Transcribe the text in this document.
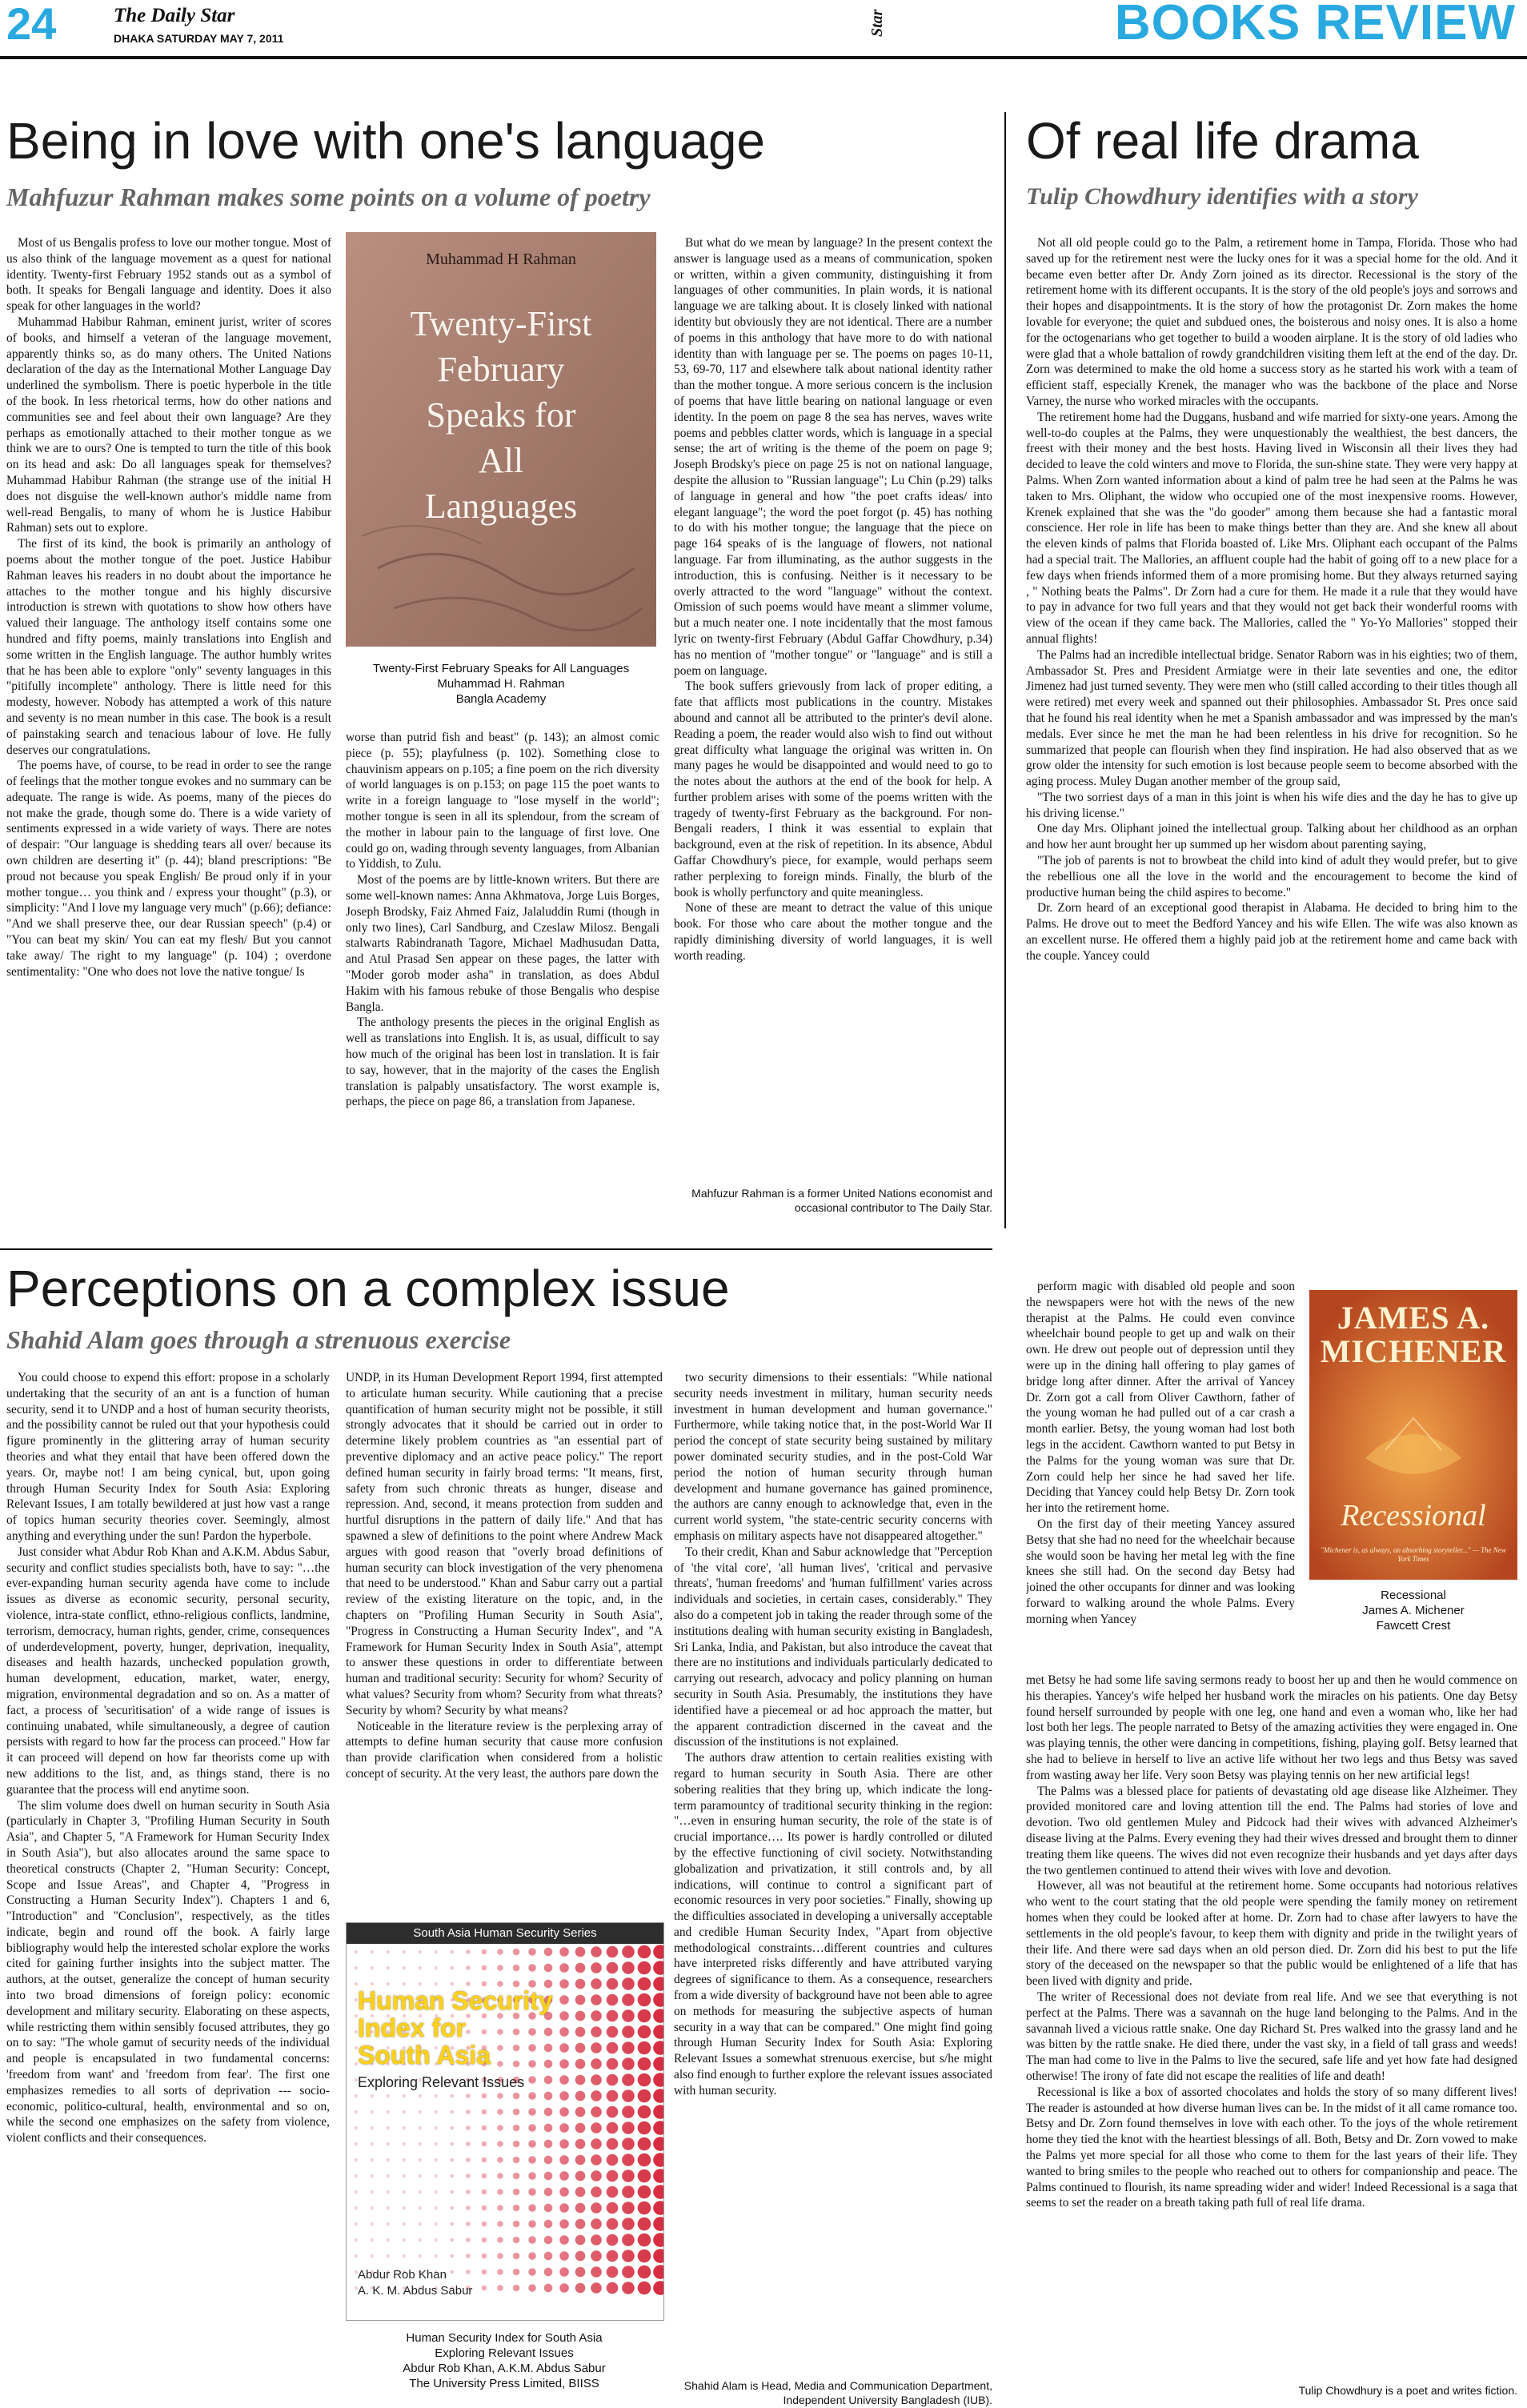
24	The Daily Star
DHAKA SATURDAY MAY 7, 2011
Star	BOOKS REVIEW
Being in love with one's language
Mahfuzur Rahman makes some points on a volume of poetry

Most of us Bengalis profess to love our mother tongue. Most of us also think of the language movement as a quest for national identity. Twenty-first February 1952 stands out as a symbol of both. It speaks for Bengali language and identity. Does it also speak for other languages in the world?

Muhammad Habibur Rahman, eminent jurist, writer of scores of books, and himself a veteran of the language movement, apparently thinks so, as do many others. The United Nations declaration of the day as the International Mother Language Day underlined the symbolism. There is poetic hyperbole in the title of the book. In less rhetorical terms, how do other nations and communities see and feel about their own language? Are they perhaps as emotionally attached to their mother tongue as we think we are to ours? One is tempted to turn the title of this book on its head and ask: Do all languages speak for themselves? Muhammad Habibur Rahman (the strange use of the initial H does not disguise the well-known author's middle name from well-read Bengalis, to many of whom he is Justice Habibur Rahman) sets out to explore.

The first of its kind, the book is primarily an anthology of poems about the mother tongue of the poet. Justice Habibur Rahman leaves his readers in no doubt about the importance he attaches to the mother tongue and his highly discursive introduction is strewn with quotations to show how others have valued their language. The anthology itself contains some one hundred and fifty poems, mainly translations into English and some written in the English language. The author humbly writes that he has been able to explore "only" seventy languages in this "pitifully incomplete" anthology. There is little need for this modesty, however. Nobody has attempted a work of this nature and seventy is no mean number in this case. The book is a result of painstaking search and tenacious labour of love. He fully deserves our congratulations.

The poems have, of course, to be read in order to see the range of feelings that the mother tongue evokes and no summary can be adequate. The range is wide. As poems, many of the pieces do not make the grade, though some do. There is a wide variety of sentiments expressed in a wide variety of ways. There are notes of despair: "Our language is shedding tears all over/ because its own children are deserting it" (p. 44); bland prescriptions: "Be proud not because you speak English/ Be proud only if in your mother tongue… you think and / express your thought" (p.3), or simplicity: "And I love my language very much" (p.66); defiance: "And we shall preserve thee, our dear Russian speech" (p.4) or "You can beat my skin/ You can eat my flesh/ But you cannot take away/ The right to my language" (p. 104) ; overdone sentimentality: "One who does not love the native tongue/ Is

Muhammad H Rahman
Twenty-First
February
Speaks for
All
Languages
Twenty-First February Speaks for All Languages
Muhammad H. Rahman
Bangla Academy

worse than putrid fish and beast" (p. 143); an almost comic piece (p. 55); playfulness (p. 102). Something close to chauvinism appears on p.105; a fine poem on the rich diversity of world languages is on p.153; on page 115 the poet wants to write in a foreign language to "lose myself in the world"; mother tongue is seen in all its splendour, from the scream of the mother in labour pain to the language of first love. One could go on, wading through seventy languages, from Albanian to Yiddish, to Zulu.

Most of the poems are by little-known writers. But there are some well-known names: Anna Akhmatova, Jorge Luis Borges, Joseph Brodsky, Faiz Ahmed Faiz, Jalaluddin Rumi (though in only two lines), Carl Sandburg, and Czeslaw Milosz. Bengali stalwarts Rabindranath Tagore, Michael Madhusudan Datta, and Atul Prasad Sen appear on these pages, the latter with "Moder gorob moder asha" in translation, as does Abdul Hakim with his famous rebuke of those Bengalis who despise Bangla.

The anthology presents the pieces in the original English as well as translations into English. It is, as usual, difficult to say how much of the original has been lost in translation. It is fair to say, however, that in the majority of the cases the English translation is palpably unsatisfactory. The worst example is, perhaps, the piece on page 86, a translation from Japanese.

But what do we mean by language? In the present context the answer is language used as a means of communication, spoken or written, within a given community, distinguishing it from languages of other communities. In plain words, it is national language we are talking about. It is closely linked with national identity but obviously they are not identical. There are a number of poems in this anthology that have more to do with national identity than with language per se. The poems on pages 10-11, 53, 69-70, 117 and elsewhere talk about national identity rather than the mother tongue. A more serious concern is the inclusion of poems that have little bearing on national language or even identity. In the poem on page 8 the sea has nerves, waves write poems and pebbles clatter words, which is language in a special sense; the art of writing is the theme of the poem on page 9; Joseph Brodsky's piece on page 25 is not on national language, despite the allusion to "Russian language"; Lu Chin (p.29) talks of language in general and how "the poet crafts ideas/ into elegant language"; the word the poet forgot (p. 45) has nothing to do with his mother tongue; the language that the piece on page 164 speaks of is the language of flowers, not national language. Far from illuminating, as the author suggests in the introduction, this is confusing. Neither is it necessary to be overly attracted to the word "language" without the context. Omission of such poems would have meant a slimmer volume, but a much neater one. I note incidentally that the most famous lyric on twenty-first February (Abdul Gaffar Chowdhury, p.34) has no mention of "mother tongue" or "language" and is still a poem on language.

The book suffers grievously from lack of proper editing, a fate that afflicts most publications in the country. Mistakes abound and cannot all be attributed to the printer's devil alone. Reading a poem, the reader would also wish to find out without great difficulty what language the original was written in. On many pages he would be disappointed and would need to go to the notes about the authors at the end of the book for help. A further problem arises with some of the poems written with the tragedy of twenty-first February as the background. For non-Bengali readers, I think it was essential to explain that background, even at the risk of repetition. In its absence, Abdul Gaffar Chowdhury's piece, for example, would perhaps seem rather perplexing to foreign minds. Finally, the blurb of the book is wholly perfunctory and quite meaningless.

None of these are meant to detract the value of this unique book. For those who care about the mother tongue and the rapidly diminishing diversity of world languages, it is well worth reading.

Mahfuzur Rahman is a former United Nations economist and occasional contributor to The Daily Star.
Of real life drama
Tulip Chowdhury identifies with a story

Not all old people could go to the Palm, a retirement home in Tampa, Florida. Those who had saved up for the retirement nest were the lucky ones for it was a special home for the old. And it became even better after Dr. Andy Zorn joined as its director. Recessional is the story of the retirement home with its different occupants. It is the story of the old people's joys and sorrows and their hopes and disappointments. It is the story of how the protagonist Dr. Zorn makes the home lovable for everyone; the quiet and subdued ones, the boisterous and noisy ones. It is also a home for the octogenarians who get together to build a wooden airplane. It is the story of old ladies who were glad that a whole battalion of rowdy grandchildren visiting them left at the end of the day. Dr. Zorn was determined to make the old home a success story as he started his work with a team of efficient staff, especially Krenek, the manager who was the backbone of the place and Norse Varney, the nurse who worked miracles with the occupants.

The retirement home had the Duggans, husband and wife married for sixty-one years. Among the well-to-do couples at the Palms, they were unquestionably the wealthiest, the best dancers, the freest with their money and the best hosts. Having lived in Wisconsin all their lives they had decided to leave the cold winters and move to Florida, the sun-shine state. They were very happy at Palms. When Zorn wanted information about a kind of palm tree he had seen at the Palms he was taken to Mrs. Oliphant, the widow who occupied one of the most inexpensive rooms. However, Krenek explained that she was the "do gooder" among them because she had a fantastic moral conscience. Her role in life has been to make things better than they are. And she knew all about the eleven kinds of palms that Florida boasted of. Like Mrs. Oliphant each occupant of the Palms had a special trait. The Mallories, an affluent couple had the habit of going off to a new place for a few days when friends informed them of a more promising home. But they always returned saying , " Nothing beats the Palms". Dr Zorn had a cure for them. He made it a rule that they would have to pay in advance for two full years and that they would not get back their wonderful rooms with view of the ocean if they came back. The Mallories, called the " Yo-Yo Mallories" stopped their annual flights!

The Palms had an incredible intellectual bridge. Senator Raborn was in his eighties; two of them, Ambassador St. Pres and President Armiatge were in their late seventies and one, the editor Jimenez had just turned seventy. They were men who (still called according to their titles though all were retired) met every week and spanned out their philosophies. Ambassador St. Pres once said that he found his real identity when he met a Spanish ambassador and was impressed by the man's medals. Ever since he met the man he had been relentless in his drive for recognition. So he summarized that people can flourish when they find inspiration. He had also observed that as we grow older the intensity for such emotion is lost because people seem to become absorbed with the aging process. Muley Dugan another member of the group said,

"The two sorriest days of a man in this joint is when his wife dies and the day he has to give up his driving license."

One day Mrs. Oliphant joined the intellectual group. Talking about her childhood as an orphan and how her aunt brought her up summed up her wisdom about parenting saying,

"The job of parents is not to browbeat the child into kind of adult they would prefer, but to give the rebellious one all the love in the world and the encouragement to become the kind of productive human being the child aspires to become."

Dr. Zorn heard of an exceptional good therapist in Alabama. He decided to bring him to the Palms. He drove out to meet the Bedford Yancey and his wife Ellen. The wife was also known as an excellent nurse. He offered them a highly paid job at the retirement home and came back with the couple. Yancey could

perform magic with disabled old people and soon the newspapers were hot with the news of the new therapist at the Palms. He could even convince wheelchair bound people to get up and walk on their own. He drew out people out of depression until they were up in the dining hall offering to play games of bridge long after dinner. After the arrival of Yancey Dr. Zorn got a call from Oliver Cawthorn, father of the young woman he had pulled out of a car crash a month earlier. Betsy, the young woman had lost both legs in the accident. Cawthorn wanted to put Betsy in the Palms for the young woman was sure that Dr. Zorn could help her since he had saved her life. Deciding that Yancey could help Betsy Dr. Zorn took her into the retirement home.

On the first day of their meeting Yancey assured Betsy that she had no need for the wheelchair because she would soon be having her metal leg with the fine knees she still had. On the second day Betsy had joined the other occupants for dinner and was looking forward to walking around the whole Palms. Every morning when Yancey

JAMES A.
MICHENER
Recessional
"Michener is, as always, an absorbing storyteller..." — The New York Times
Recessional
James A. Michener
Fawcett Crest

met Betsy he had some life saving sermons ready to boost her up and then he would commence on his therapies. Yancey's wife helped her husband work the miracles on his patients. One day Betsy found herself surrounded by people with one leg, one hand and even a woman who, like her had lost both her legs. The people narrated to Betsy of the amazing activities they were engaged in. One was playing tennis, the other were dancing in competitions, fishing, playing golf. Betsy learned that she had to believe in herself to live an active life without her two legs and thus Betsy was saved from wasting away her life. Very soon Betsy was playing tennis on her new artificial legs!

The Palms was a blessed place for patients of devastating old age disease like Alzheimer. They provided monitored care and loving attention till the end. The Palms had stories of love and devotion. Two old gentlemen Muley and Pidcock had their wives with advanced Alzheimer's disease living at the Palms. Every evening they had their wives dressed and brought them to dinner treating them like queens. The wives did not even recognize their husbands and yet days after days the two gentlemen continued to attend their wives with love and devotion.

However, all was not beautiful at the retirement home. Some occupants had notorious relatives who went to the court stating that the old people were spending the family money on retirement homes when they could be looked after at home. Dr. Zorn had to chase after lawyers to have the settlements in the old people's favour, to keep them with dignity and pride in the twilight years of their life. And there were sad days when an old person died. Dr. Zorn did his best to put the life story of the deceased on the newspaper so that the public would be enlightened of a life that has been lived with dignity and pride.

The writer of Recessional does not deviate from real life. And we see that everything is not perfect at the Palms. There was a savannah on the huge land belonging to the Palms. And in the savannah lived a vicious rattle snake. One day Richard St. Pres walked into the grassy land and he was bitten by the rattle snake. He died there, under the vast sky, in a field of tall grass and weeds! The man had come to live in the Palms to live the secured, safe life and yet how fate had designed otherwise! The irony of fate did not escape the realities of life and death!

Recessional is like a box of assorted chocolates and holds the story of so many different lives! The reader is astounded at how diverse human lives can be. In the midst of it all came romance too. Betsy and Dr. Zorn found themselves in love with each other. To the joys of the whole retirement home they tied the knot with the heartiest blessings of all. Both, Betsy and Dr. Zorn vowed to make the Palms yet more special for all those who come to them for the last years of their life. They wanted to bring smiles to the people who reached out to others for companionship and peace. The Palms continued to flourish, its name spreading wider and wider! Indeed Recessional is a saga that seems to set the reader on a breath taking path full of real life drama.

Tulip Chowdhury is a poet and writes fiction.
Perceptions on a complex issue
Shahid Alam goes through a strenuous exercise

You could choose to expend this effort: propose in a scholarly undertaking that the security of an ant is a function of human security, send it to UNDP and a host of human security theorists, and the possibility cannot be ruled out that your hypothesis could figure prominently in the glittering array of human security theories and what they entail that have been offered down the years. Or, maybe not! I am being cynical, but, upon going through Human Security Index for South Asia: Exploring Relevant Issues, I am totally bewildered at just how vast a range of topics human security theories cover. Seemingly, almost anything and everything under the sun! Pardon the hyperbole.

Just consider what Abdur Rob Khan and A.K.M. Abdus Sabur, security and conflict studies specialists both, have to say: "…the ever-expanding human security agenda have come to include issues as diverse as economic security, personal security, violence, intra-state conflict, ethno-religious conflicts, landmine, terrorism, democracy, human rights, gender, crime, consequences of underdevelopment, poverty, hunger, deprivation, inequality, diseases and health hazards, unchecked population growth, human development, education, market, water, energy, migration, environmental degradation and so on. As a matter of fact, a process of 'securitisation' of a wide range of issues is continuing unabated, while simultaneously, a degree of caution persists with regard to how far the process can proceed." How far it can proceed will depend on how far theorists come up with new additions to the list, and, as things stand, there is no guarantee that the process will end anytime soon.

The slim volume does dwell on human security in South Asia (particularly in Chapter 3, "Profiling Human Security in South Asia", and Chapter 5, "A Framework for Human Security Index in South Asia"), but also allocates around the same space to theoretical constructs (Chapter 2, "Human Security: Concept, Scope and Issue Areas", and Chapter 4, "Progress in Constructing a Human Security Index"). Chapters 1 and 6, "Introduction" and "Conclusion", respectively, as the titles indicate, begin and round off the book. A fairly large bibliography would help the interested scholar explore the works cited for gaining further insights into the subject matter. The authors, at the outset, generalize the concept of human security into two broad dimensions of foreign policy: economic development and military security. Elaborating on these aspects, while restricting them within sensibly focused attributes, they go on to say: "The whole gamut of security needs of the individual and people is encapsulated in two fundamental concerns: 'freedom from want' and 'freedom from fear'. The first one emphasizes remedies to all sorts of deprivation --- socio-economic, politico-cultural, health, environmental and so on, while the second one emphasizes on the safety from violence, violent conflicts and their consequences.

UNDP, in its Human Development Report 1994, first attempted to articulate human security. While cautioning that a precise quantification of human security might not be possible, it still strongly advocates that it should be carried out in order to determine likely problem countries as "an essential part of preventive diplomacy and an active peace policy." The report defined human security in fairly broad terms: "It means, first, safety from such chronic threats as hunger, disease and repression. And, second, it means protection from sudden and hurtful disruptions in the pattern of daily life." And that has spawned a slew of definitions to the point where Andrew Mack argues with good reason that "overly broad definitions of human security can block investigation of the very phenomena that need to be understood." Khan and Sabur carry out a partial review of the existing literature on the topic, and, in the chapters on "Profiling Human Security in South Asia", "Progress in Constructing a Human Security Index", and "A Framework for Human Security Index in South Asia", attempt to answer these questions in order to differentiate between human and traditional security: Security for whom? Security of what values? Security from whom? Security from what threats? Security by whom? Security by what means?

Noticeable in the literature review is the perplexing array of attempts to define human security that cause more confusion than provide clarification when considered from a holistic concept of security. At the very least, the authors pare down the

South Asia Human Security Series
Human Security
Index for
South Asia
Exploring Relevant Issues
Abdur Rob Khan
A. K. M. Abdus Sabur
Human Security Index for South Asia
Exploring Relevant Issues
Abdur Rob Khan, A.K.M. Abdus Sabur
The University Press Limited, BIISS

two security dimensions to their essentials: "While national security needs investment in military, human security needs investment in human development and human governance." Furthermore, while taking notice that, in the post-World War II period the concept of state security being sustained by military power dominated security studies, and in the post-Cold War period the notion of human security through human development and humane governance has gained prominence, the authors are canny enough to acknowledge that, even in the current world system, "the state-centric security concerns with emphasis on military aspects have not disappeared altogether."

To their credit, Khan and Sabur acknowledge that "Perception of 'the vital core', 'all human lives', 'critical and pervasive threats', 'human freedoms' and 'human fulfillment' varies across individuals and societies, in certain cases, considerably." They also do a competent job in taking the reader through some of the institutions dealing with human security existing in Bangladesh, Sri Lanka, India, and Pakistan, but also introduce the caveat that there are no institutions and individuals particularly dedicated to carrying out research, advocacy and policy planning on human security in South Asia. Presumably, the institutions they have identified have a piecemeal or ad hoc approach the matter, but the apparent contradiction discerned in the caveat and the discussion of the institutions is not explained.

The authors draw attention to certain realities existing with regard to human security in South Asia. There are other sobering realities that they bring up, which indicate the long-term paramountcy of traditional security thinking in the region: "…even in ensuring human security, the role of the state is of crucial importance…. Its power is hardly controlled or diluted by the effective functioning of civil society. Notwithstanding globalization and privatization, it still controls and, by all indications, will continue to control a significant part of economic resources in very poor societies." Finally, showing up the difficulties associated in developing a universally acceptable and credible Human Security Index, "Apart from objective methodological constraints…different countries and cultures have interpreted risks differently and have attributed varying degrees of significance to them. As a consequence, researchers from a wide diversity of background have not been able to agree on methods for measuring the subjective aspects of human security in a way that can be compared." One might find going through Human Security Index for South Asia: Exploring Relevant Issues a somewhat strenuous exercise, but s/he might also find enough to further explore the relevant issues associated with human security.

Shahid Alam is Head, Media and Communication Department, Independent University Bangladesh (IUB).
